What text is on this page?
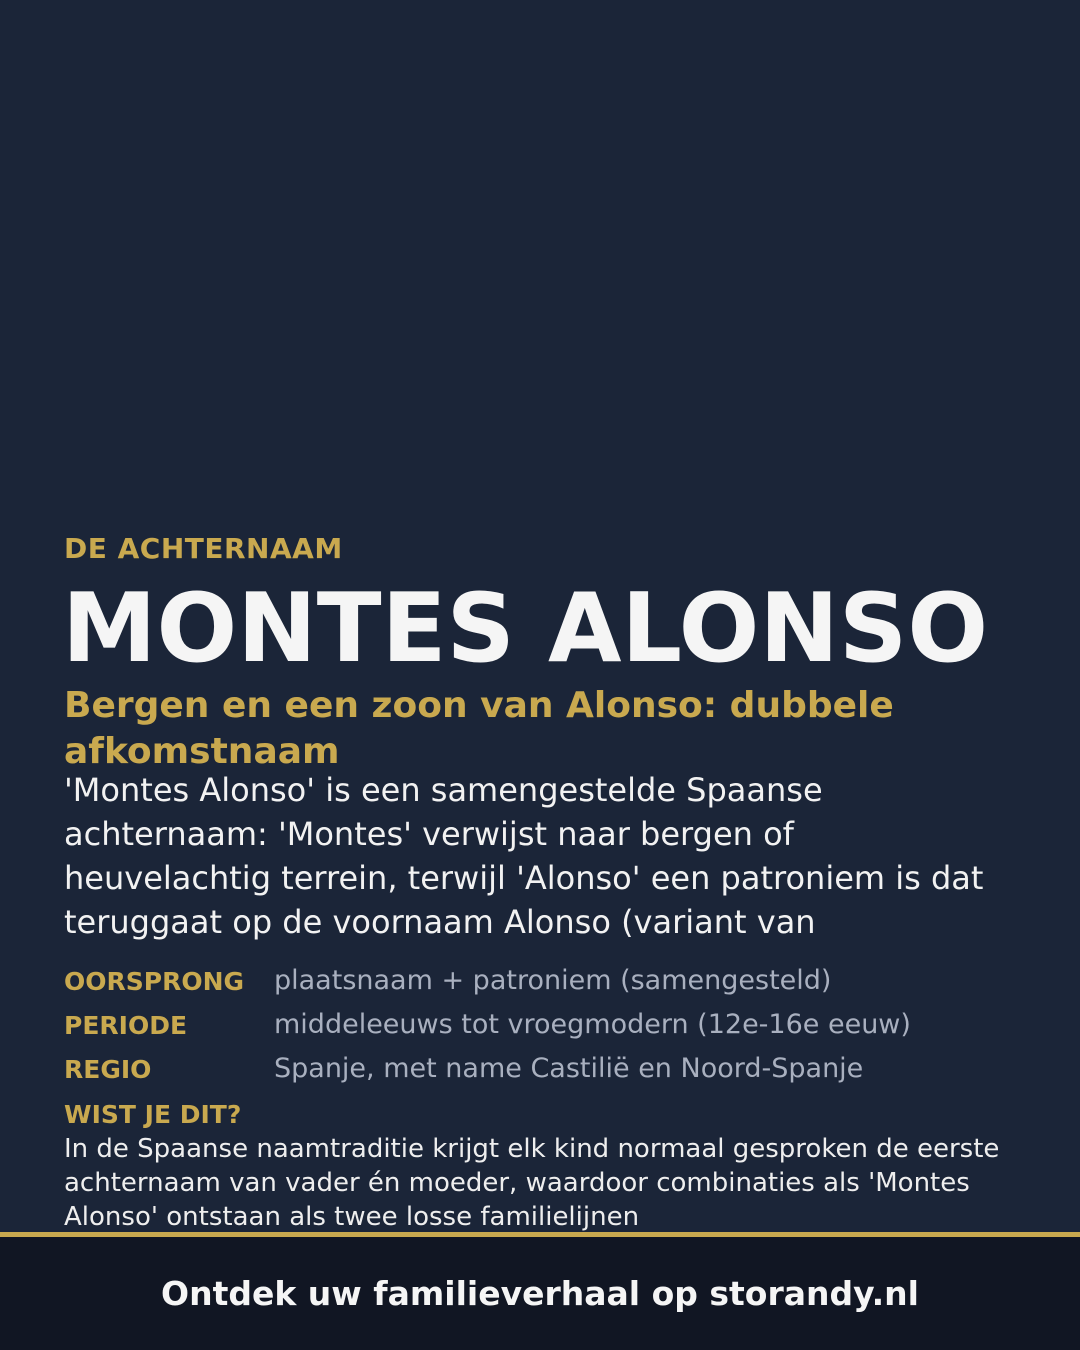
DE ACHTERNAAM
MONTES ALONSO
Bergen en een zoon van Alonso: dubbele afkomstnaam
'Montes Alonso' is een samengestelde Spaanse achternaam: 'Montes' verwijst naar bergen of heuvelachtig terrein, terwijl 'Alonso' een patroniem is dat teruggaat op de voornaam Alonso (variant van
OORSPRONG	plaatsnaam + patroniem (samengesteld)
PERIODE	middeleeuws tot vroegmodern (12e-16e eeuw)
REGIO	Spanje, met name Castilië en Noord-Spanje
WIST JE DIT?
In de Spaanse naamtraditie krijgt elk kind normaal gesproken de eerste achternaam van vader én moeder, waardoor combinaties als 'Montes Alonso' ontstaan als twee losse familielijnen
Ontdek uw familieverhaal op storandy.nl
